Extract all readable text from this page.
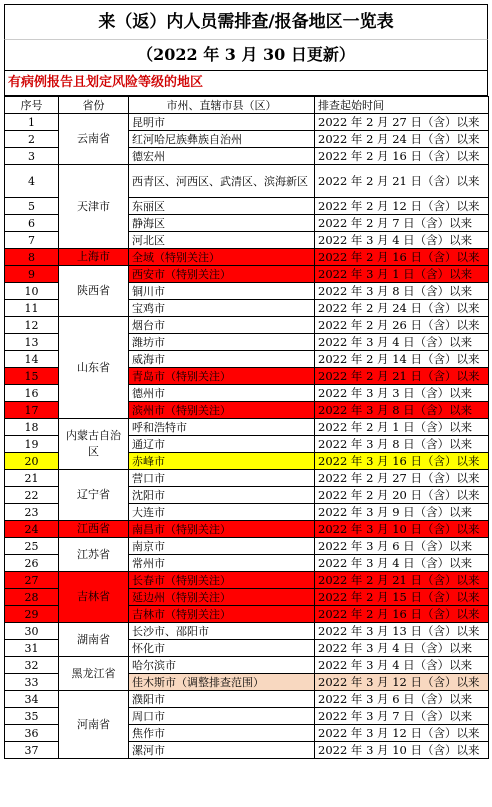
来（返）内人员需排查/报备地区一览表
（2022 年 3 月 30 日更新）
有病例报告且划定风险等级的地区
序号	省份	市州、直辖市县（区）	排查起始时间
1	云南省	昆明市	2022 年 2 月 27 日（含）以来
2		红河哈尼族彝族自治州	2022 年 2 月 24 日（含）以来
3		德宏州	2022 年 2 月 16 日（含）以来
4	天津市	西青区、河西区、武清区、滨海新区	2022 年 2 月 21 日（含）以来
5		东丽区	2022 年 2 月 12 日（含）以来
6		静海区	2022 年 2 月 7 日（含）以来
7		河北区	2022 年 3 月 4 日（含）以来
8	上海市	全域（特别关注）	2022 年 2 月 16 日（含）以来
9	陕西省	西安市（特别关注）	2022 年 3 月 1 日（含）以来
10		铜川市	2022 年 3 月 8 日（含）以来
11		宝鸡市	2022 年 2 月 24 日（含）以来
12	山东省	烟台市	2022 年 2 月 26 日（含）以来
13		潍坊市	2022 年 3 月 4 日（含）以来
14		威海市	2022 年 2 月 14 日（含）以来
15		青岛市（特别关注）	2022 年 2 月 21 日（含）以来
16		德州市	2022 年 3 月 3 日（含）以来
17		滨州市（特别关注）	2022 年 3 月 8 日（含）以来
18	内蒙古自治区	呼和浩特市	2022 年 2 月 1 日（含）以来
19		通辽市	2022 年 3 月 8 日（含）以来
20		赤峰市	2022 年 3 月 16 日（含）以来
21	辽宁省	营口市	2022 年 2 月 27 日（含）以来
22		沈阳市	2022 年 2 月 20 日（含）以来
23		大连市	2022 年 3 月 9 日（含）以来
24	江西省	南昌市（特别关注）	2022 年 3 月 10 日（含）以来
25	江苏省	南京市	2022 年 3 月 6 日（含）以来
26		常州市	2022 年 3 月 4 日（含）以来
27	吉林省	长春市（特别关注）	2022 年 2 月 21 日（含）以来
28		延边州（特别关注）	2022 年 2 月 15 日（含）以来
29		吉林市（特别关注）	2022 年 2 月 16 日（含）以来
30	湖南省	长沙市、邵阳市	2022 年 3 月 13 日（含）以来
31		怀化市	2022 年 3 月 4 日（含）以来
32	黑龙江省	哈尔滨市	2022 年 3 月 4 日（含）以来
33		佳木斯市（调整排查范围）	2022 年 3 月 12 日（含）以来
34	河南省	濮阳市	2022 年 3 月 6 日（含）以来
35		周口市	2022 年 3 月 7 日（含）以来
36		焦作市	2022 年 3 月 12 日（含）以来
37		漯河市	2022 年 3 月 10 日（含）以来
